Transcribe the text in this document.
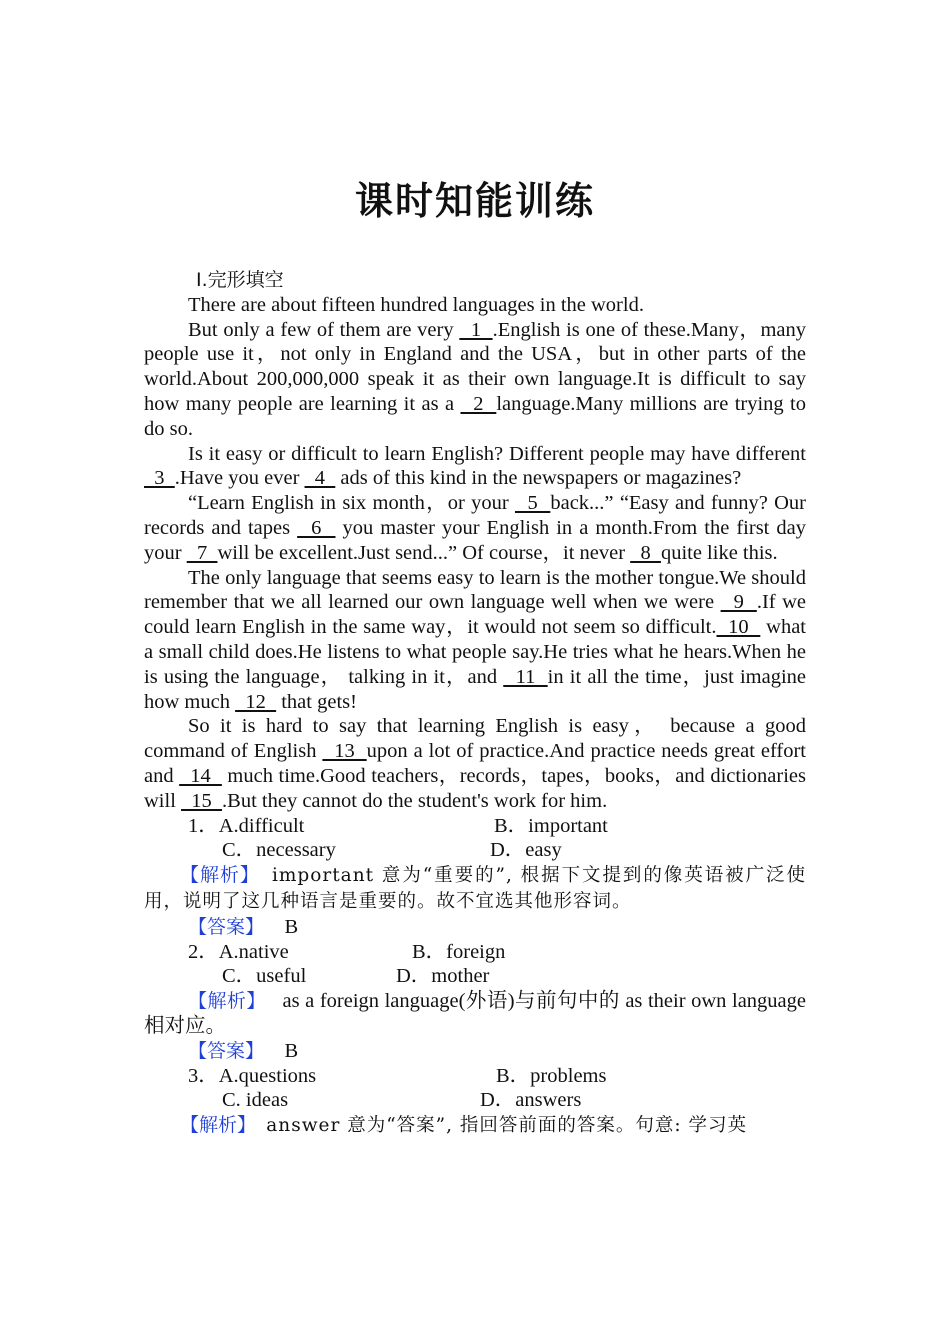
课时知能训练
Ⅰ.完形填空

There are about fifteen hundred languages in the world.

But only a few of them are very   1  .English is one of these.Many，many people use it，not only in England and the USA，but in other parts of the world.About 200,000,000 speak it as their own language.It is difficult to say how many people are learning it as a   2  language.Many millions are trying to do so.

Is it easy or difficult to learn English? Different people may have different   3  .Have you ever   4   ads of this kind in the newspapers or magazines?

“Learn English in six month，or your   5  back...” “Easy and funny? Our records and tapes   6   you master your English in a month.From the first day your   7  will be excellent.Just send...” Of course，it never   8  quite like this.

The only language that seems easy to learn is the mother tongue.We should remember that we all learned our own language well when we were   9  .If we could learn English in the same way，it would not seem so difficult.  10   what a small child does.He listens to what people say.He tries what he hears.When he is using the language， talking in it，and   11  in it all the time，just imagine how much   12   that gets!

So it is hard to say that learning English is easy， because a good command of English   13  upon a lot of practice.And practice needs great effort and   14   much time.Good teachers，records，tapes，books，and dictionaries will   15  .But they cannot do the student's work for him.

1．A.difficult	B．important
C．necessary	D．easy

【解析】 important 意为“重要的”, 根据下文提到的像英语被广泛使用，说明了这几种语言是重要的。故不宜选其他形容词。

【答案】 B
2．A.native	B．foreign
C．useful	D．mother

【解析】 as a foreign language(外语)与前句中的 as their own language 相对应。

【答案】 B
3．A.questions	B．problems
C. ideas	D．answers

【解析】 answer 意为“答案”, 指回答前面的答案。句意: 学习英
